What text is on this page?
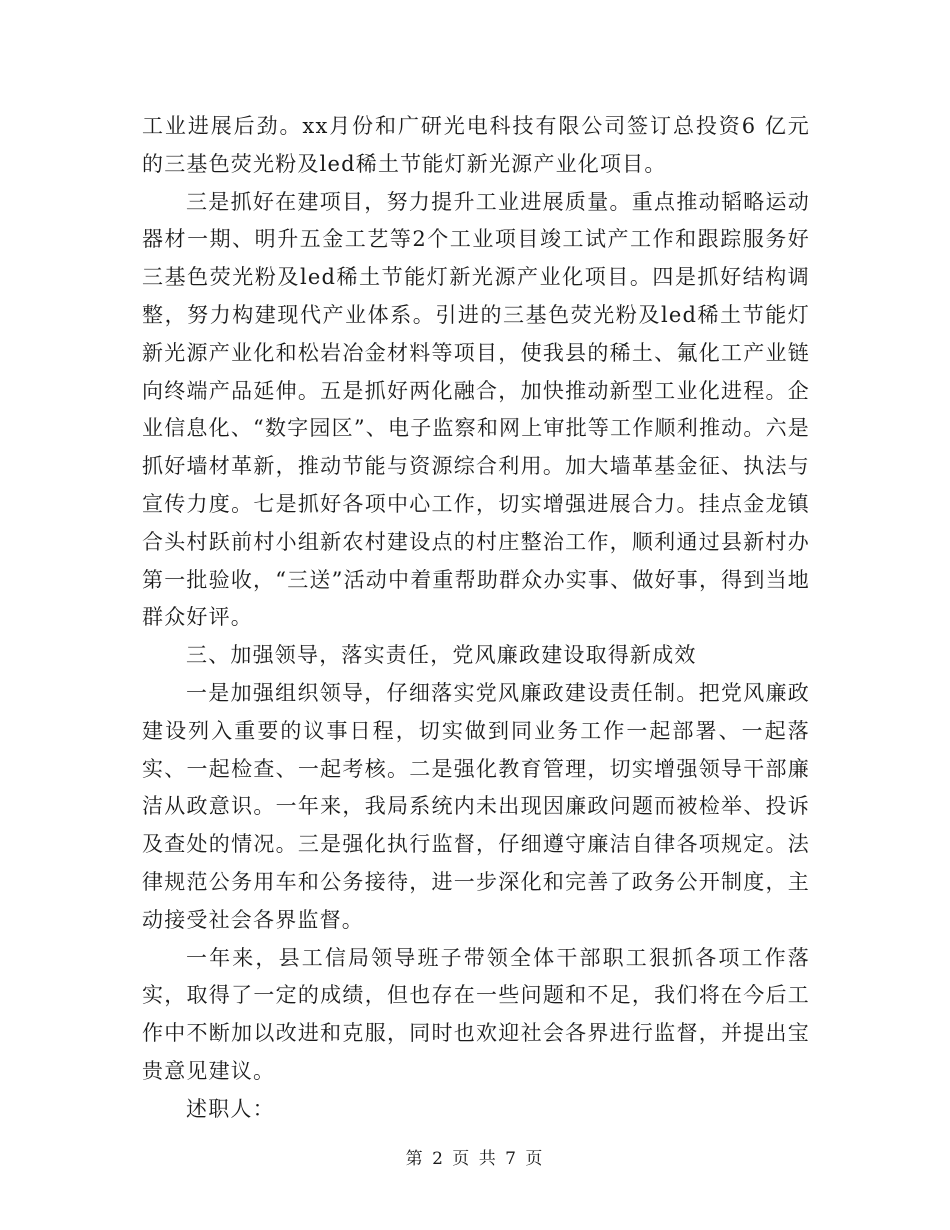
工业进展后劲。xx月份和广研光电科技有限公司签订总投资6 亿元的三基色荧光粉及led稀土节能灯新光源产业化项目。

三是抓好在建项目，努力提升工业进展质量。重点推动韬略运动器材一期、明升五金工艺等2个工业项目竣工试产工作和跟踪服务好三基色荧光粉及led稀土节能灯新光源产业化项目。四是抓好结构调整，努力构建现代产业体系。引进的三基色荧光粉及led稀土节能灯新光源产业化和松岩冶金材料等项目，使我县的稀土、氟化工产业链向终端产品延伸。五是抓好两化融合，加快推动新型工业化进程。企业信息化、“数字园区”、电子监察和网上审批等工作顺利推动。六是抓好墙材革新，推动节能与资源综合利用。加大墙革基金征、执法与宣传力度。七是抓好各项中心工作，切实增强进展合力。挂点金龙镇合头村跃前村小组新农村建设点的村庄整治工作，顺利通过县新村办第一批验收，“三送”活动中着重帮助群众办实事、做好事，得到当地群众好评。

三、加强领导，落实责任，党风廉政建设取得新成效

一是加强组织领导，仔细落实党风廉政建设责任制。把党风廉政建设列入重要的议事日程，切实做到同业务工作一起部署、一起落实、一起检查、一起考核。二是强化教育管理，切实增强领导干部廉洁从政意识。一年来，我局系统内未出现因廉政问题而被检举、投诉及查处的情况。三是强化执行监督，仔细遵守廉洁自律各项规定。法律规范公务用车和公务接待，进一步深化和完善了政务公开制度，主动接受社会各界监督。

一年来，县工信局领导班子带领全体干部职工狠抓各项工作落实，取得了一定的成绩，但也存在一些问题和不足，我们将在今后工作中不断加以改进和克服，同时也欢迎社会各界进行监督，并提出宝贵意见建议。

述职人：

第 2 页 共 7 页
